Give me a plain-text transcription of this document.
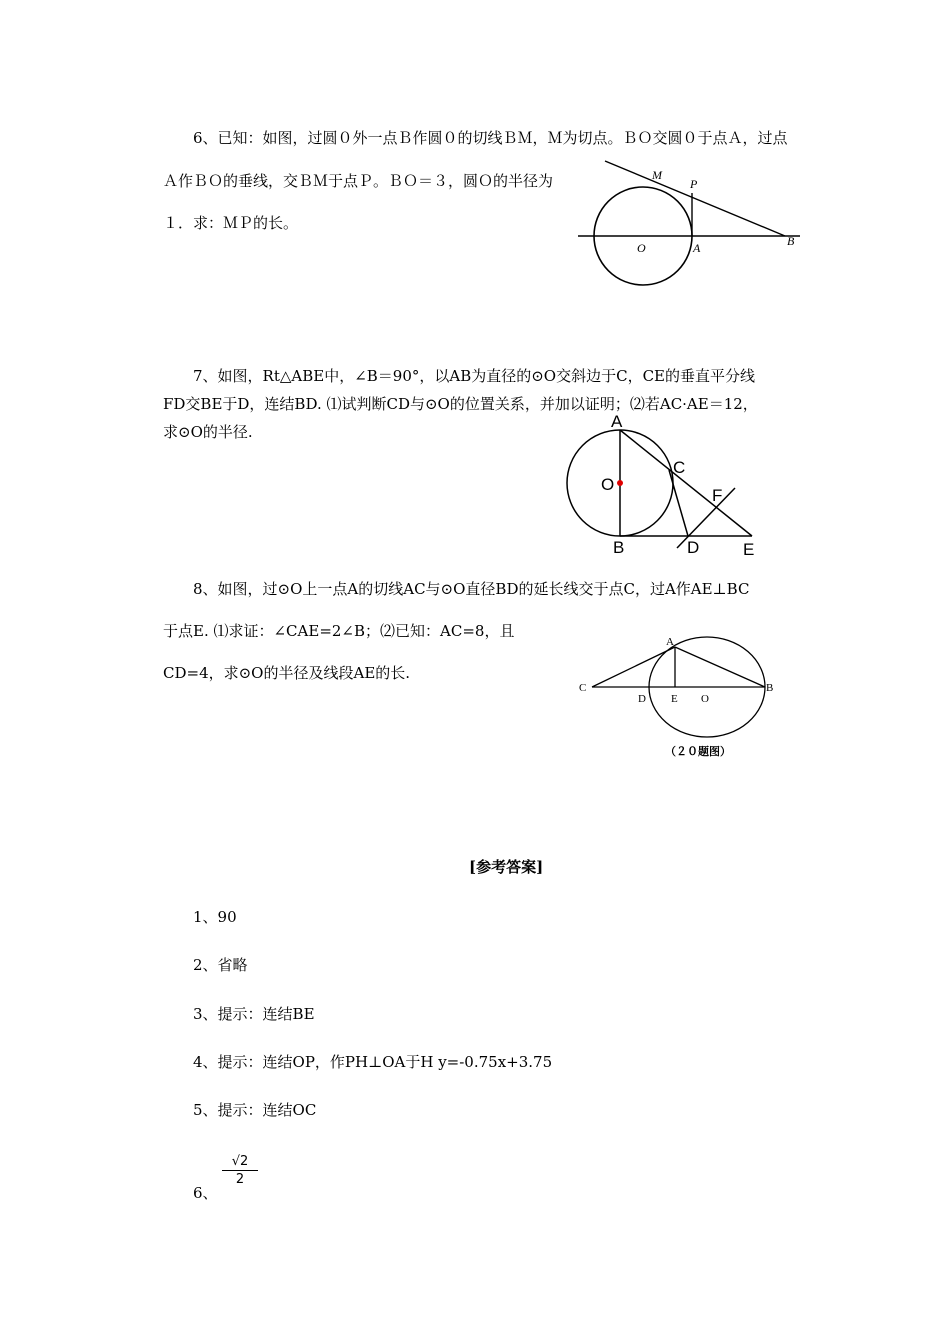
6、已知：如图，过圆０外一点Ｂ作圆０的切线ＢＭ，Ｍ为切点。ＢＯ交圆０于点Ａ，过点
Ａ作ＢＯ的垂线，交ＢＭ于点Ｐ。ＢＯ＝３，圆Ｏ的半径为
１．求：ＭＰ的长。
M
P
O	A	B
7、如图，Rt△ABE中，∠B＝90°，以AB为直径的⊙O交斜边于C，CE的垂直平分线
FD交BE于D，连结BD. ⑴试判断CD与⊙O的位置关系，并加以证明；⑵若AC·AE＝12，
求⊙O的半径.
A
C
O
F
B	D	E
8、如图，过⊙O上一点A的切线AC与⊙O直径BD的延长线交于点C，过A作AE⊥BC
于点E. ⑴求证：∠CAE=2∠B；⑵已知：AC=8，且
CD=4，求⊙O的半径及线段AE的长.
A
C
D E O
B
（２０题图）
[参考答案]
1、90
2、省略
3、提示：连结BE
4、提示：连结OP，作PH⊥OA于H y=-0.75x+3.75
5、提示：连结OC
6、
$\frac{√2}{2}$
